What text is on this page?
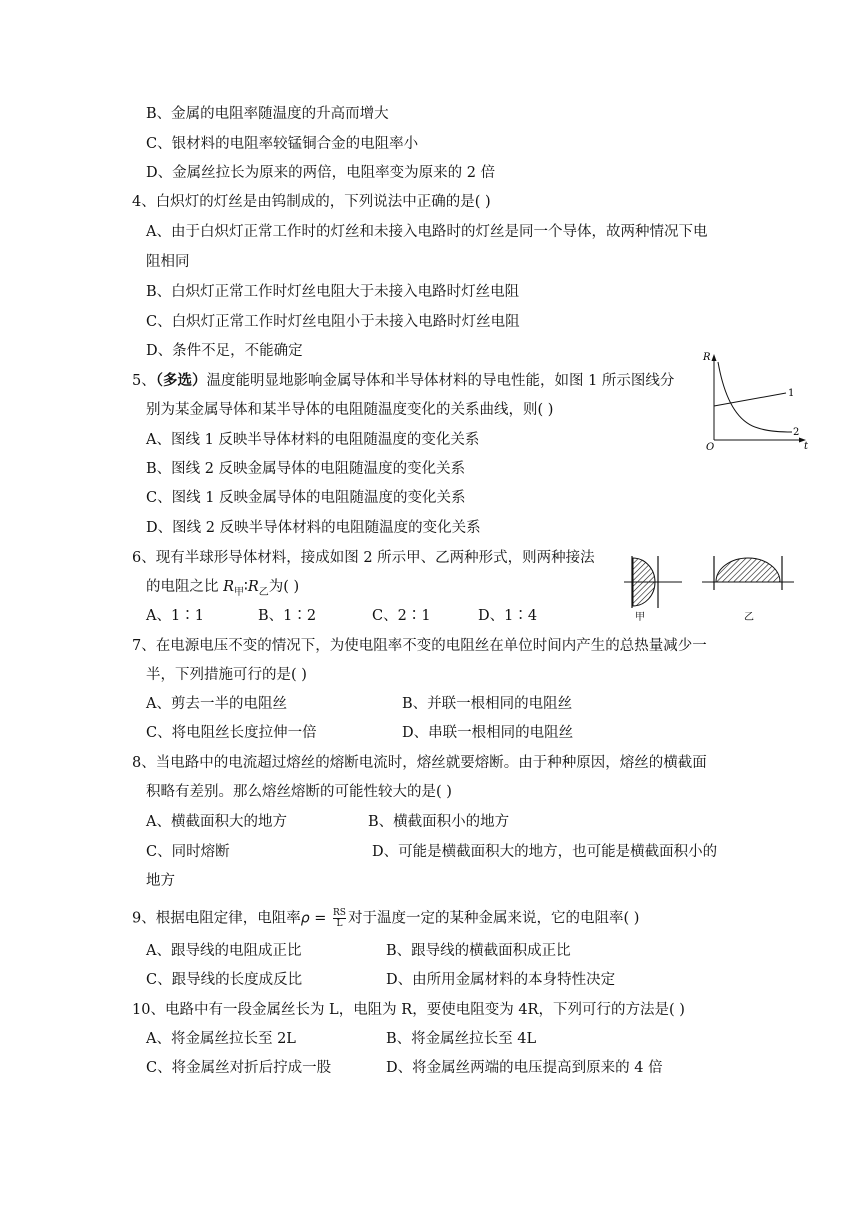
B、金属的电阻率随温度的升高而增大
C、银材料的电阻率较锰铜合金的电阻率小
D、金属丝拉长为原来的两倍，电阻率变为原来的 2 倍
4、白炽灯的灯丝是由钨制成的，下列说法中正确的是( )
A、由于白炽灯正常工作时的灯丝和未接入电路时的灯丝是同一个导体，故两种情况下电
阻相同
B、白炽灯正常工作时灯丝电阻大于未接入电路时灯丝电阻
C、白炽灯正常工作时灯丝电阻小于未接入电路时灯丝电阻
D、条件不足，不能确定
5、（多选）温度能明显地影响金属导体和半导体材料的导电性能，如图 1 所示图线分
别为某金属导体和某半导体的电阻随温度变化的关系曲线，则( )
A、图线 1 反映半导体材料的电阻随温度的变化关系
B、图线 2 反映金属导体的电阻随温度的变化关系
C、图线 1 反映金属导体的电阻随温度的变化关系
D、图线 2 反映半导体材料的电阻随温度的变化关系
R
t
O
1
2
6、现有半球形导体材料，接成如图 2 所示甲、乙两种形式，则两种接法
的电阻之比 $R_甲∶R_乙$为( )
A、1∶1	B、1∶2	C、2∶1	D、1∶4	甲	乙
7、在电源电压不变的情况下，为使电阻率不变的电阻丝在单位时间内产生的总热量减少一
半，下列措施可行的是( )
A、剪去一半的电阻丝	B、并联一根相同的电阻丝
C、将电阻丝长度拉伸一倍	D、串联一根相同的电阻丝
8、当电路中的电流超过熔丝的熔断电流时，熔丝就要熔断。由于种种原因，熔丝的横截面
积略有差别。那么熔丝熔断的可能性较大的是( )
A、横截面积大的地方	B、横截面积小的地方
C、同时熔断	D、可能是横截面积大的地方，也可能是横截面积小的
地方
9、根据电阻定律，电阻率$\rho = \frac{RS}{L}$ 对于温度一定的某种金属来说，它的电阻率( )
A、跟导线的电阻成正比	B、跟导线的横截面积成正比
C、跟导线的长度成反比	D、由所用金属材料的本身特性决定
10、电路中有一段金属丝长为 L，电阻为 R，要使电阻变为 4R，下列可行的方法是( )
A、将金属丝拉长至 2L	B、将金属丝拉长至 4L
C、将金属丝对折后拧成一股	D、将金属丝两端的电压提高到原来的 4 倍
